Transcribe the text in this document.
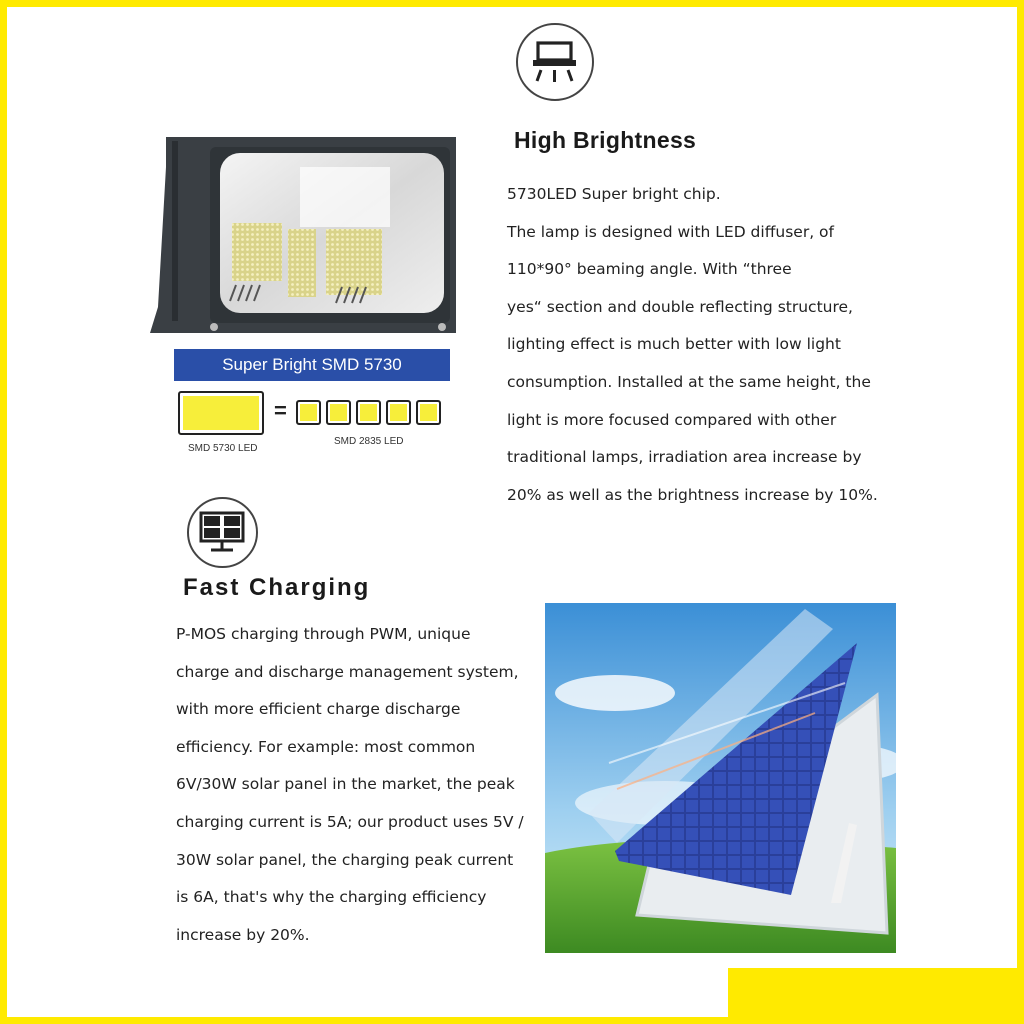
High Brightness
5730LED Super bright chip.
The lamp is designed with LED diffuser, of
110*90° beaming angle. With “three
yes“ section and double reflecting structure,
lighting effect is much better with low light
consumption. Installed at the same height, the
light is more focused compared with other
traditional lamps, irradiation area increase by
20% as well as the brightness increase by 10%.
Super Bright SMD 5730
=
SMD 5730 LED
SMD 2835 LED
Fast Charging
P-MOS charging through PWM, unique
charge and discharge management system,
with more efficient charge discharge
efficiency. For example: most common
6V/30W solar panel in the market, the peak
charging current is 5A; our product uses 5V /
30W solar panel, the charging peak current
is 6A, that's why the charging efficiency
increase by 20%.
